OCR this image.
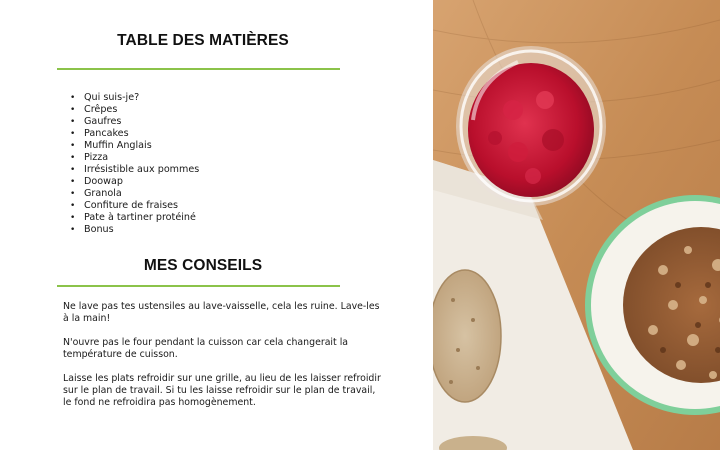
TABLE DES MATIÈRES
• Qui suis-je?
• Crêpes
• Gaufres
• Pancakes
• Muffin Anglais
• Pizza
• Irrésistible aux pommes
• Doowap
• Granola
• Confiture de fraises
• Pate à tartiner protéiné
• Bonus
MES CONSEILS

Ne lave pas tes ustensiles au lave-vaisselle, cela les ruine. Lave-les à la main!

N'ouvre pas le four pendant la cuisson car cela changerait la température de cuisson.

Laisse les plats refroidir sur une grille, au lieu de les laisser refroidir sur le plan de travail. Si tu les laisse refroidir sur le plan de travail, le fond ne refroidira pas homogènement.
